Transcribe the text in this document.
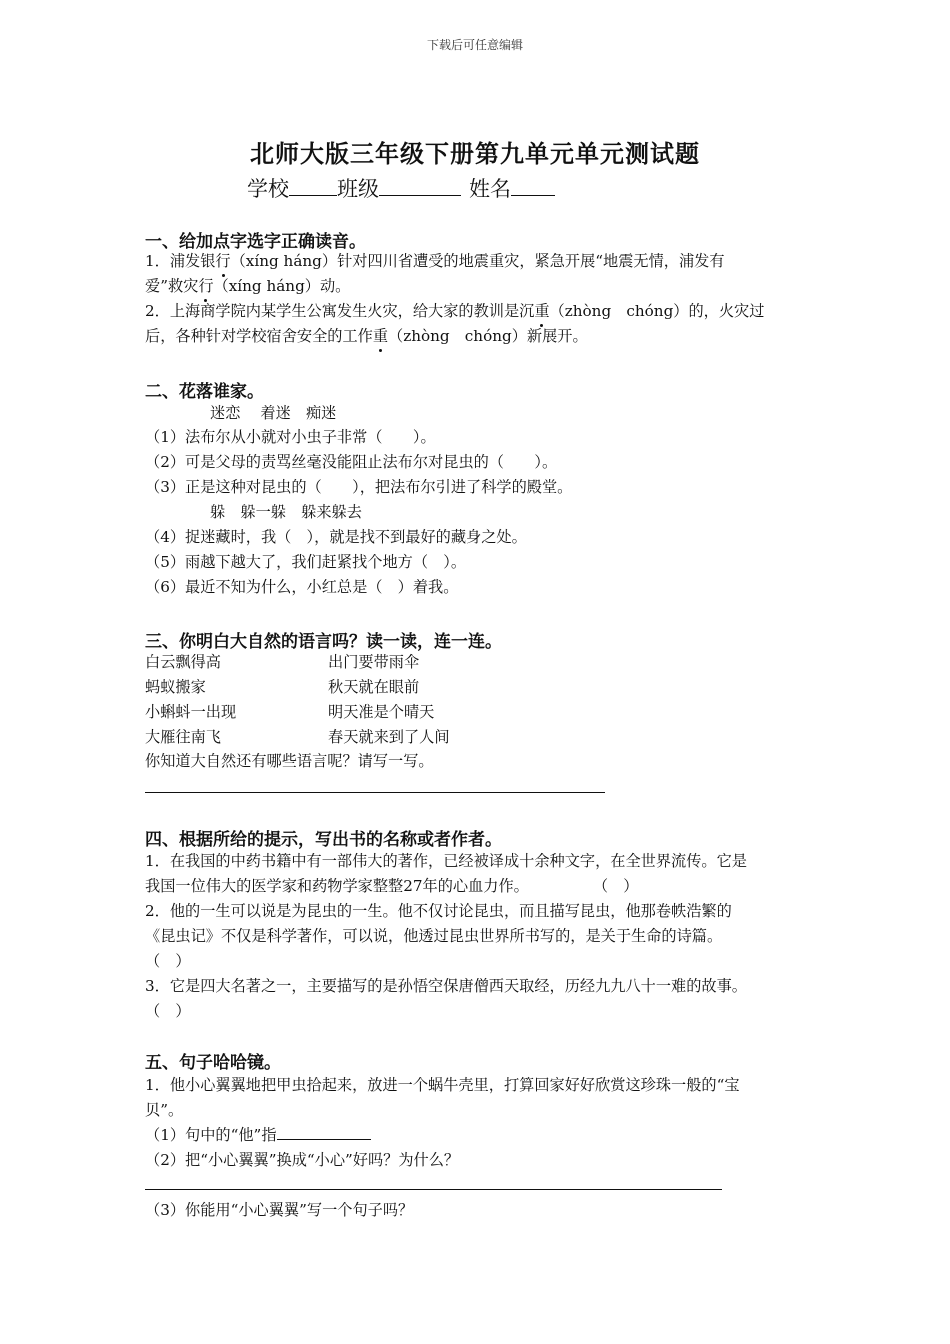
下载后可任意编辑
北师大版三年级下册第九单元单元测试题
学校 班级	姓名
一、给加点字选字正确读音。
1．浦发银行（xíng háng）针对四川省遭受的地震重灾，紧急开展“地震无情，浦发有
爱”救灾行（xíng háng）动。
2．上海商学院内某学生公寓发生火灾，给大家的教训是沉重（zhòng　chóng）的，火灾过
后，各种针对学校宿舍安全的工作重（zhòng　chóng）新展开。
二、花落谁家。
迷恋　 着迷　痴迷
（1）法布尔从小就对小虫子非常（　　）。
（2）可是父母的责骂丝毫没能阻止法布尔对昆虫的（　　）。
（3）正是这种对昆虫的（　　），把法布尔引进了科学的殿堂。
躲　躲一躲　躲来躲去
（4）捉迷藏时，我（　），就是找不到最好的藏身之处。
（5）雨越下越大了，我们赶紧找个地方（　）。
（6）最近不知为什么，小红总是（　）着我。
三、你明白大自然的语言吗？读一读，连一连。
白云飘得高	出门要带雨伞
蚂蚁搬家	秋天就在眼前
小蝌蚪一出现	明天准是个晴天
大雁往南飞	春天就来到了人间
你知道大自然还有哪些语言呢？请写一写。
四、根据所给的提示，写出书的名称或者作者。
1．在我国的中药书籍中有一部伟大的著作，已经被译成十余种文字，在全世界流传。它是
我国一位伟大的医学家和药物学家整整27年的心血力作。	（　）
2．他的一生可以说是为昆虫的一生。他不仅讨论昆虫，而且描写昆虫，他那卷帙浩繁的
《昆虫记》不仅是科学著作，可以说，他透过昆虫世界所书写的，是关于生命的诗篇。
（　）
3．它是四大名著之一，主要描写的是孙悟空保唐僧西天取经，历经九九八十一难的故事。
（　）
五、句子哈哈镜。
1．他小心翼翼地把甲虫拾起来，放进一个蜗牛壳里，打算回家好好欣赏这珍珠一般的“宝
贝”。
（1）句中的“他”指
（2）把“小心翼翼”换成“小心”好吗？为什么？
（3）你能用“小心翼翼”写一个句子吗？
